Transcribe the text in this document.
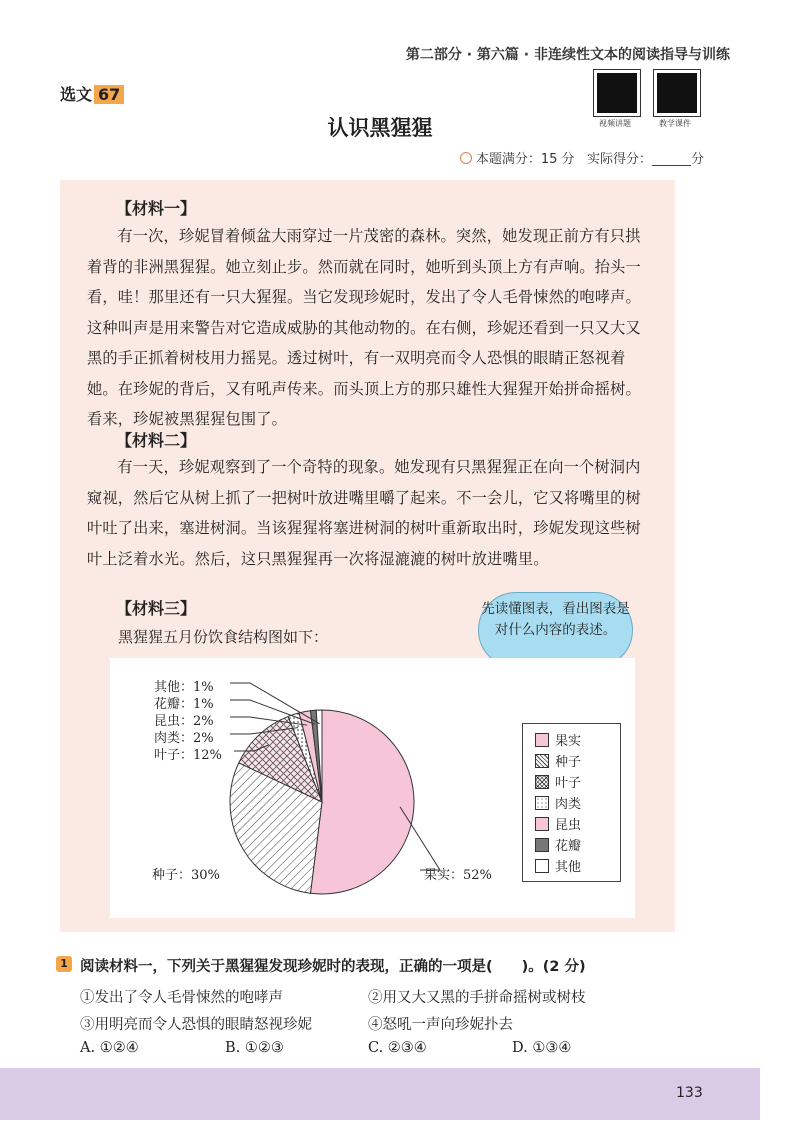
第二部分 · 第六篇 · 非连续性文本的阅读指导与训练
选文 67
视频讲题	教学课件
认识黑猩猩
本题满分：15 分 实际得分：______分
【材料一】
有一次，珍妮冒着倾盆大雨穿过一片茂密的森林。突然，她发现正前方有只拱着背的非洲黑猩猩。她立刻止步。然而就在同时，她听到头顶上方有声响。抬头一看，哇！那里还有一只大猩猩。当它发现珍妮时，发出了令人毛骨悚然的咆哮声。这种叫声是用来警告对它造成威胁的其他动物的。在右侧，珍妮还看到一只又大又黑的手正抓着树枝用力摇晃。透过树叶，有一双明亮而令人恐惧的眼睛正怒视着她。在珍妮的背后，又有吼声传来。而头顶上方的那只雄性大猩猩开始拼命摇树。看来，珍妮被黑猩猩包围了。
【材料二】
有一天，珍妮观察到了一个奇特的现象。她发现有只黑猩猩正在向一个树洞内窥视，然后它从树上抓了一把树叶放进嘴里嚼了起来。不一会儿，它又将嘴里的树叶吐了出来，塞进树洞。当该猩猩将塞进树洞的树叶重新取出时，珍妮发现这些树叶上泛着水光。然后，这只黑猩猩再一次将湿漉漉的树叶放进嘴里。
【材料三】
黑猩猩五月份饮食结构图如下：
先读懂图表，看出图表是对什么内容的表述。
其他：1%
花瓣：1%
昆虫：2%
肉类：2%
叶子：12%
种子：30%	果实：52%
果实
种子
叶子
肉类
昆虫
花瓣
其他
1 阅读材料一，下列关于黑猩猩发现珍妮时的表现，正确的一项是(　　)。(2 分)
①发出了令人毛骨悚然的咆哮声	②用又大又黑的手拼命摇树或树枝
③用明亮而令人恐惧的眼睛怒视珍妮	④怒吼一声向珍妮扑去
A. ①②④	B. ①②③	C. ②③④	D. ①③④
133
